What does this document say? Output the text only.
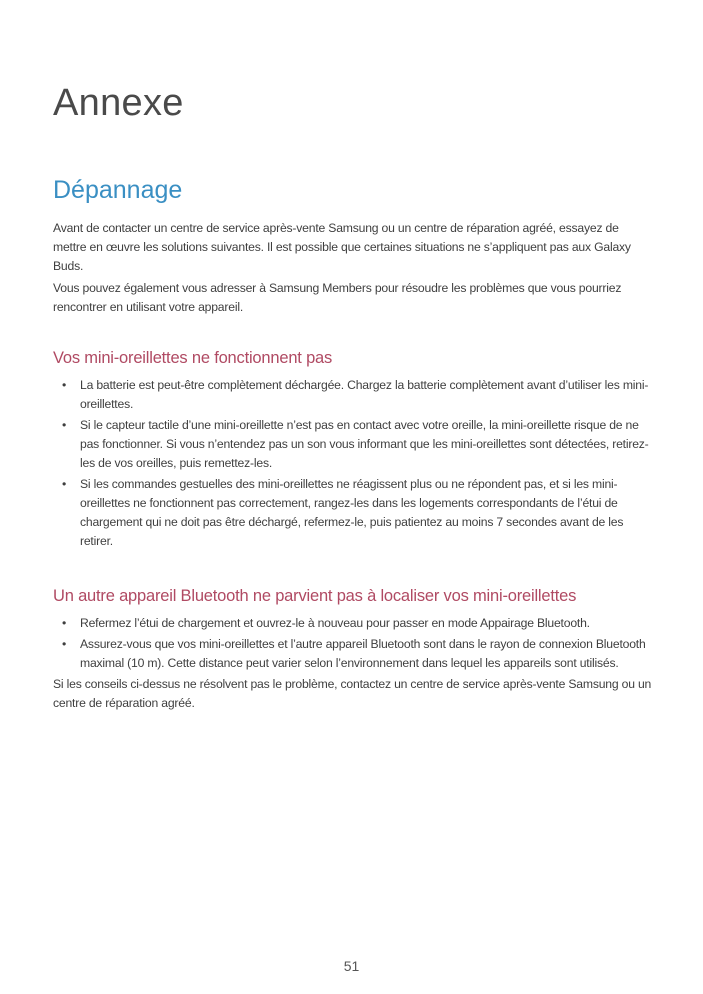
Annexe
Dépannage

Avant de contacter un centre de service après-vente Samsung ou un centre de réparation agréé, essayez de mettre en œuvre les solutions suivantes. Il est possible que certaines situations ne s’appliquent pas aux Galaxy Buds.

Vous pouvez également vous adresser à Samsung Members pour résoudre les problèmes que vous pourriez rencontrer en utilisant votre appareil.

Vos mini-oreillettes ne fonctionnent pas
• La batterie est peut-être complètement déchargée. Chargez la batterie complètement avant d’utiliser les mini-oreillettes.
• Si le capteur tactile d’une mini-oreillette n’est pas en contact avec votre oreille, la mini-oreillette risque de ne pas fonctionner. Si vous n’entendez pas un son vous informant que les mini-oreillettes sont détectées, retirez-les de vos oreilles, puis remettez-les.
• Si les commandes gestuelles des mini-oreillettes ne réagissent plus ou ne répondent pas, et si les mini-oreillettes ne fonctionnent pas correctement, rangez-les dans les logements correspondants de l’étui de chargement qui ne doit pas être déchargé, refermez-le, puis patientez au moins 7 secondes avant de les retirer.
Un autre appareil Bluetooth ne parvient pas à localiser vos mini-oreillettes
• Refermez l’étui de chargement et ouvrez-le à nouveau pour passer en mode Appairage Bluetooth.
• Assurez-vous que vos mini-oreillettes et l’autre appareil Bluetooth sont dans le rayon de connexion Bluetooth maximal (10 m). Cette distance peut varier selon l’environnement dans lequel les appareils sont utilisés.

Si les conseils ci-dessus ne résolvent pas le problème, contactez un centre de service après-vente Samsung ou un centre de réparation agréé.

51
